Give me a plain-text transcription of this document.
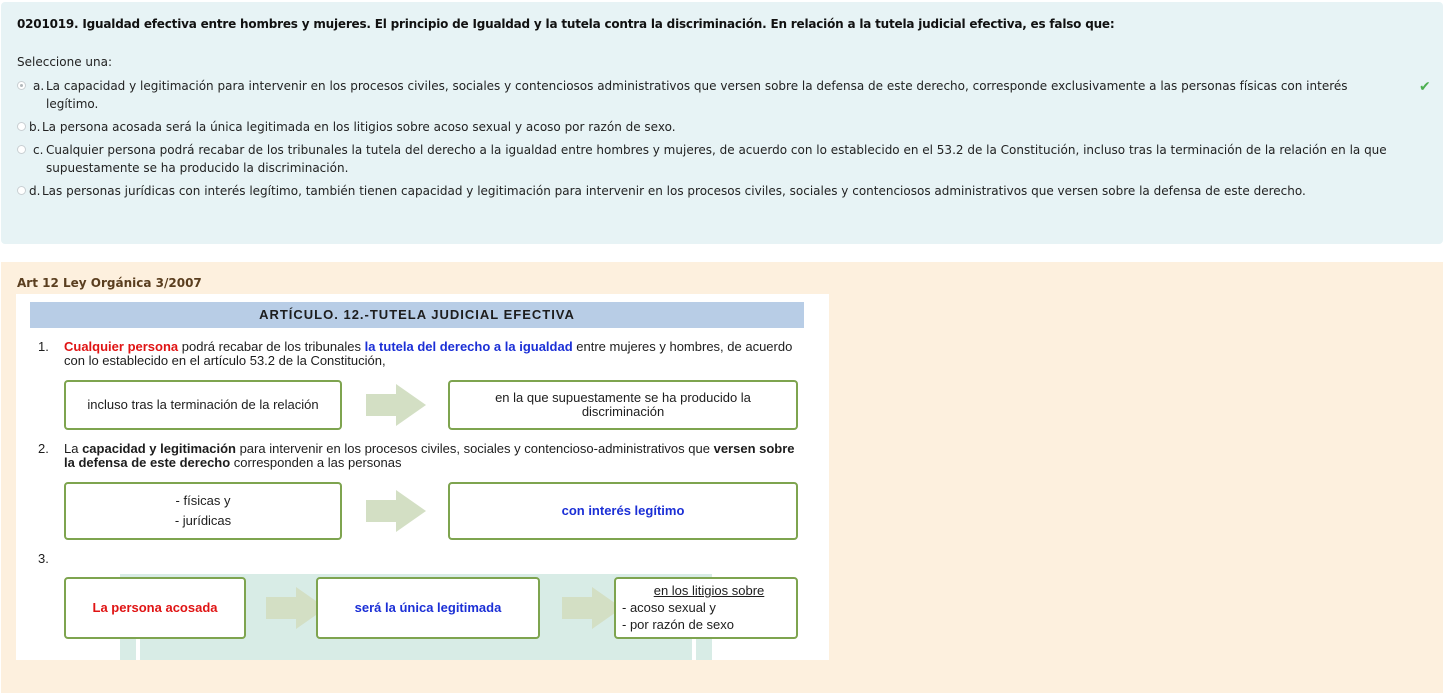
0201019. Igualdad efectiva entre hombres y mujeres. El principio de Igualdad y la tutela contra la discriminación. En relación a la tutela judicial efectiva, es falso que:
Seleccione una:
a. La capacidad y legitimación para intervenir en los procesos civiles, sociales y contenciosos administrativos que versen sobre la defensa de este derecho, corresponde exclusivamente a las personas físicas con interés legítimo.
✔
b. La persona acosada será la única legitimada en los litigios sobre acoso sexual y acoso por razón de sexo.
c. Cualquier persona podrá recabar de los tribunales la tutela del derecho a la igualdad entre hombres y mujeres, de acuerdo con lo establecido en el 53.2 de la Constitución, incluso tras la terminación de la relación en la que supuestamente se ha producido la discriminación.
d. Las personas jurídicas con interés legítimo, también tienen capacidad y legitimación para intervenir en los procesos civiles, sociales y contenciosos administrativos que versen sobre la defensa de este derecho.
Art 12 Ley Orgánica 3/2007
ARTÍCULO. 12.-TUTELA JUDICIAL EFECTIVA
1. Cualquier persona podrá recabar de los tribunales la tutela del derecho a la igualdad entre mujeres y hombres, de acuerdo con lo establecido en el artículo 53.2 de la Constitución,
incluso tras la terminación de la relación	en la que supuestamente se ha producido la discriminación
2. La capacidad y legitimación para intervenir en los procesos civiles, sociales y contencioso-administrativos que versen sobre la defensa de este derecho corresponden a las personas
- físicas y
- jurídicas
con interés legítimo
3.
La persona acosada	será la única legitimada
en los litigios sobre
- acoso sexual y
- por razón de sexo
